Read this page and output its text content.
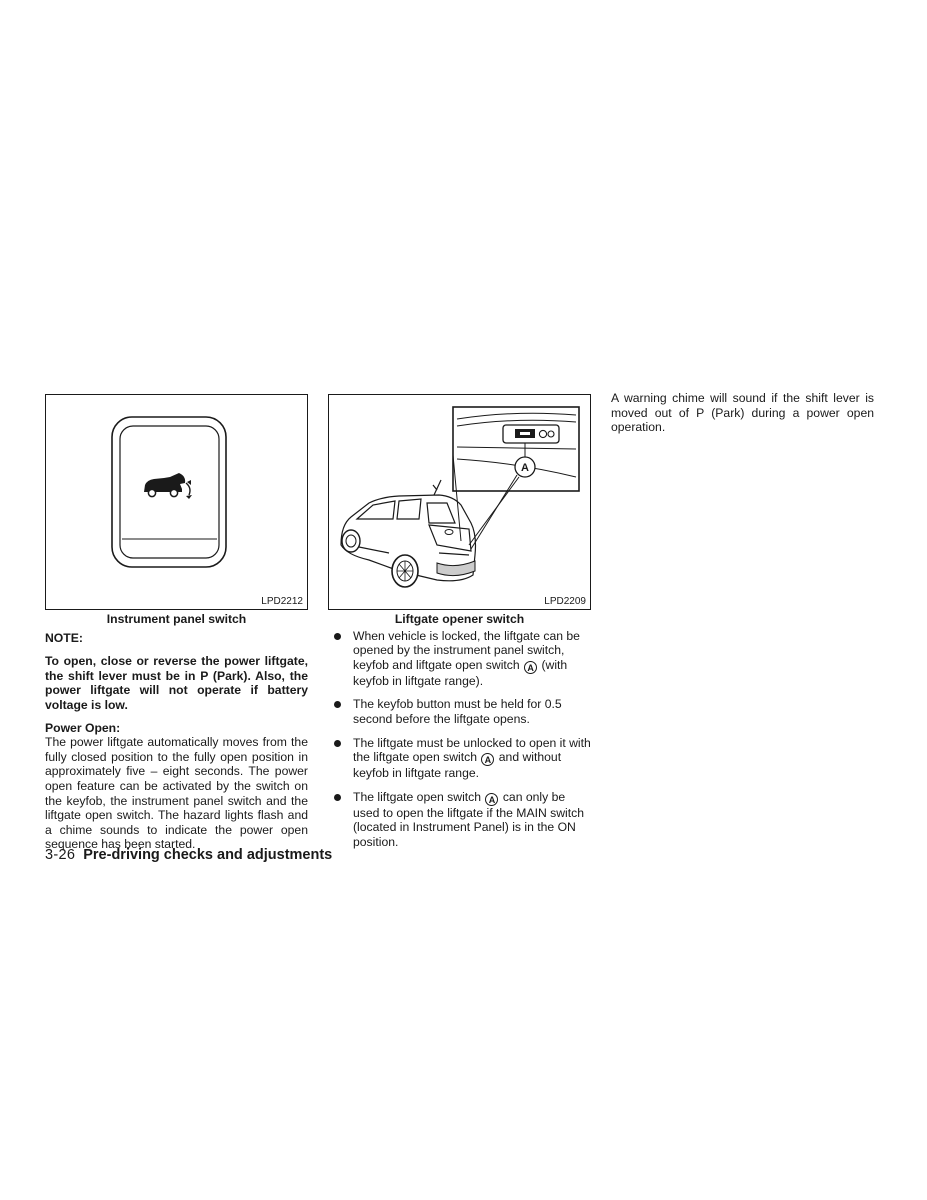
LPD2212
Instrument panel switch

NOTE:

To open, close or reverse the power liftgate, the shift lever must be in P (Park). Also, the power liftgate will not operate if battery voltage is low.

Power Open:

The power liftgate automatically moves from the fully closed position to the fully open position in approximately five – eight seconds. The power open feature can be activated by the switch on the keyfob, the instrument panel switch and the liftgate open switch. The hazard lights flash and a chime sounds to indicate the power open sequence has been started.

A
LPD2209
Liftgate opener switch
When vehicle is locked, the liftgate can be opened by the instrument panel switch, keyfob and liftgate open switch A (with keyfob in liftgate range).
The keyfob button must be held for 0.5 second before the liftgate opens.
The liftgate must be unlocked to open it with the liftgate open switch A and without keyfob in liftgate range.
The liftgate open switch A can only be used to open the liftgate if the MAIN switch (located in Instrument Panel) is in the ON position.

A warning chime will sound if the shift lever is moved out of P (Park) during a power open operation.

3-26 Pre-driving checks and adjustments
